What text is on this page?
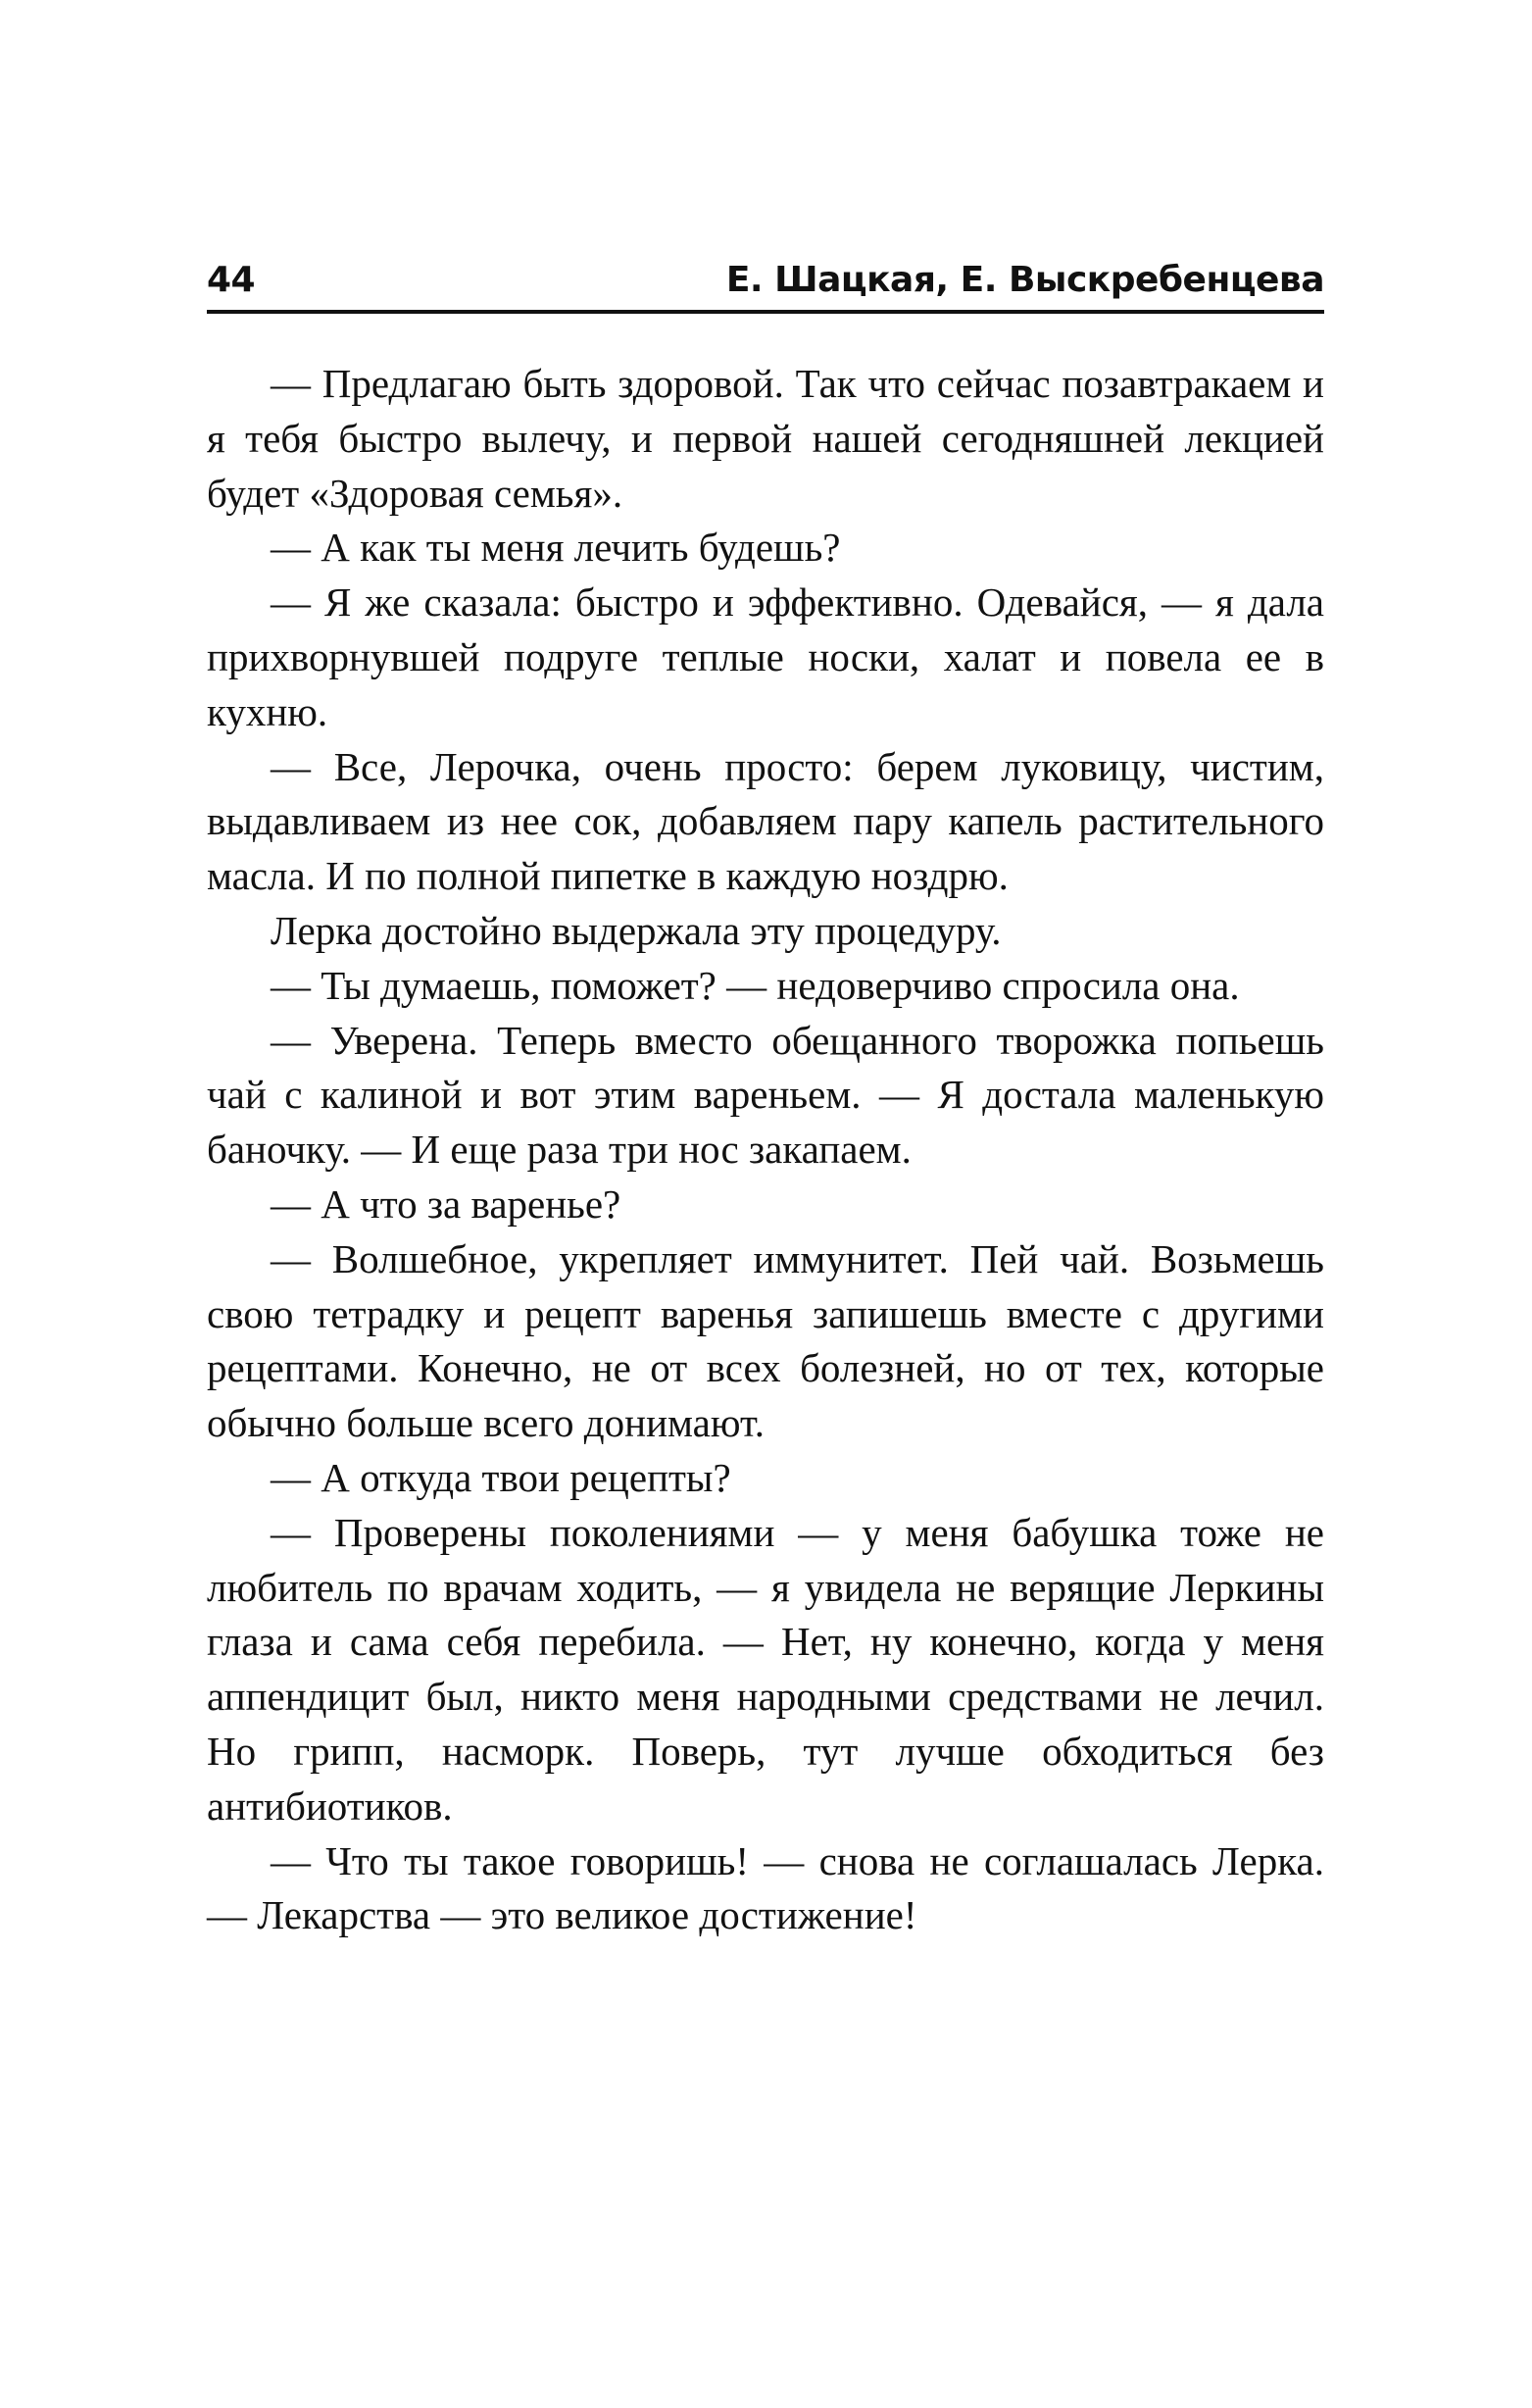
44	Е. Шацкая, Е. Выскребенцева

— Предлагаю быть здоровой. Так что сейчас позавтракаем и я тебя быстро вылечу, и первой нашей сегодняшней лекцией будет «Здоровая семья».

— А как ты меня лечить будешь?

— Я же сказала: быстро и эффективно. Одевайся, — я дала прихворнувшей подруге теплые носки, халат и повела ее в кухню.

— Все, Лерочка, очень просто: берем луковицу, чистим, выдавливаем из нее сок, добавляем пару капель растительного масла. И по полной пипетке в каждую ноздрю.

Лерка достойно выдержала эту процедуру.

— Ты думаешь, поможет? — недоверчиво спросила она.

— Уверена. Теперь вместо обещанного творожка попьешь чай с калиной и вот этим вареньем. — Я достала маленькую баночку. — И еще раза три нос закапаем.

— А что за варенье?

— Волшебное, укрепляет иммунитет. Пей чай. Возьмешь свою тетрадку и рецепт варенья запишешь вместе с другими рецептами. Конечно, не от всех болезней, но от тех, которые обычно больше всего донимают.

— А откуда твои рецепты?

— Проверены поколениями — у меня бабушка тоже не любитель по врачам ходить, — я увидела не верящие Леркины глаза и сама себя перебила. — Нет, ну конечно, когда у меня аппендицит был, никто меня народными средствами не лечил. Но грипп, насморк. Поверь, тут лучше обходиться без антибиотиков.

— Что ты такое говоришь! — снова не соглашалась Лерка. — Лекарства — это великое достижение!
